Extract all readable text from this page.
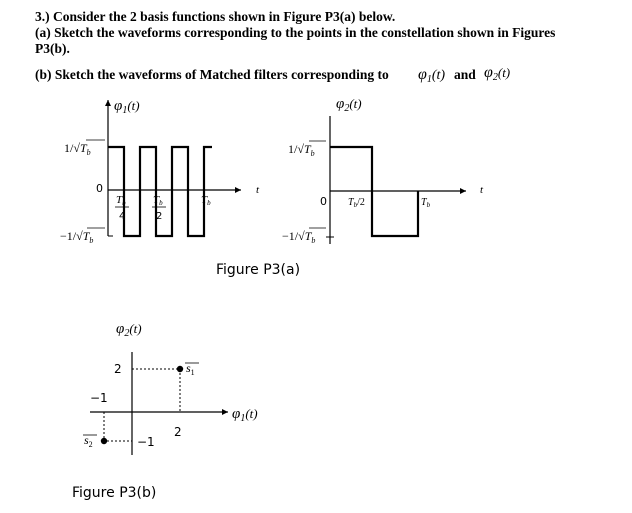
3.) Consider the 2 basis functions shown in Figure P3(a) below.
(a) Sketch the waveforms corresponding to the points in the constellation shown in Figures
P3(b).
(b) Sketch the waveforms of Matched filters corresponding to φ1(t) and φ2(t)
$\varphi_1(t)$
$1/√T_b$
0
$-1/√T_b$
Tb
4
Tb
2
Tb
t
$\varphi_2(t)$
$1/√T_b$
0
$-1/√T_b$
$T_b/2$	$T_b$
t
$\varphi_2(t)$
$\varphi_1(t)$
2
−1
2
−1
$s_1$
$s_2$
Figure P3(a)
Figure P3(b)
